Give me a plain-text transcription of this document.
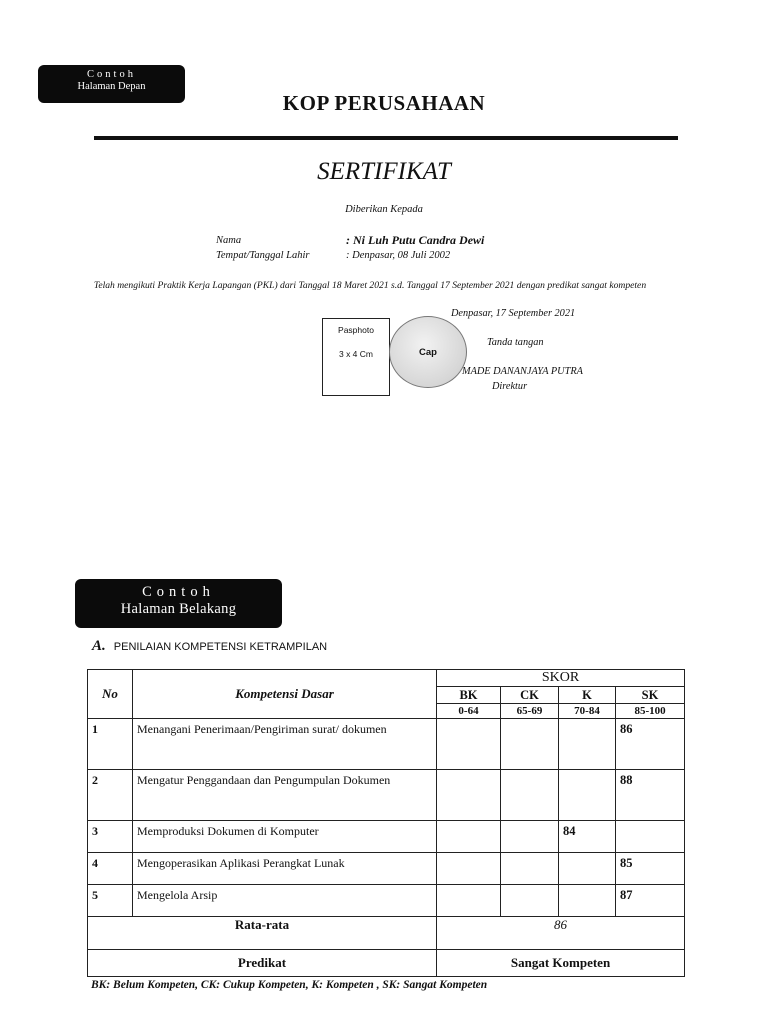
Contoh
Halaman Depan
KOP PERUSAHAAN
SERTIFIKAT
Diberikan Kepada
Nama	: Ni Luh Putu Candra Dewi
Tempat/Tanggal Lahir	: Denpasar, 08 Juli 2002
Telah mengikuti Praktik Kerja Lapangan (PKL) dari Tanggal 18 Maret 2021 s.d. Tanggal 17 September 2021 dengan predikat sangat kompeten
Denpasar, 17 September 2021
Pasphoto
3 x 4 Cm	Cap
Tanda tangan
MADE DANANJAYA PUTRA
Direktur
Contoh
Halaman Belakang
A. PENILAIAN KOMPETENSI KETRAMPILAN
No	Kompetensi Dasar	SKOR			
		BK	CK	K	SK
		0-64	65-69	70-84	85-100
1	Menangani Penerimaan/Pengiriman surat/ dokumen				86
2	Mengatur Penggandaan dan Pengumpulan Dokumen				88
3	Memproduksi Dokumen di Komputer			84	
4	Mengoperasikan Aplikasi Perangkat Lunak				85
5	Mengelola Arsip				87
Rata-rata		86			
Predikat		Sangat Kompeten			
BK: Belum Kompeten, CK: Cukup Kompeten, K: Kompeten , SK: Sangat Kompeten
